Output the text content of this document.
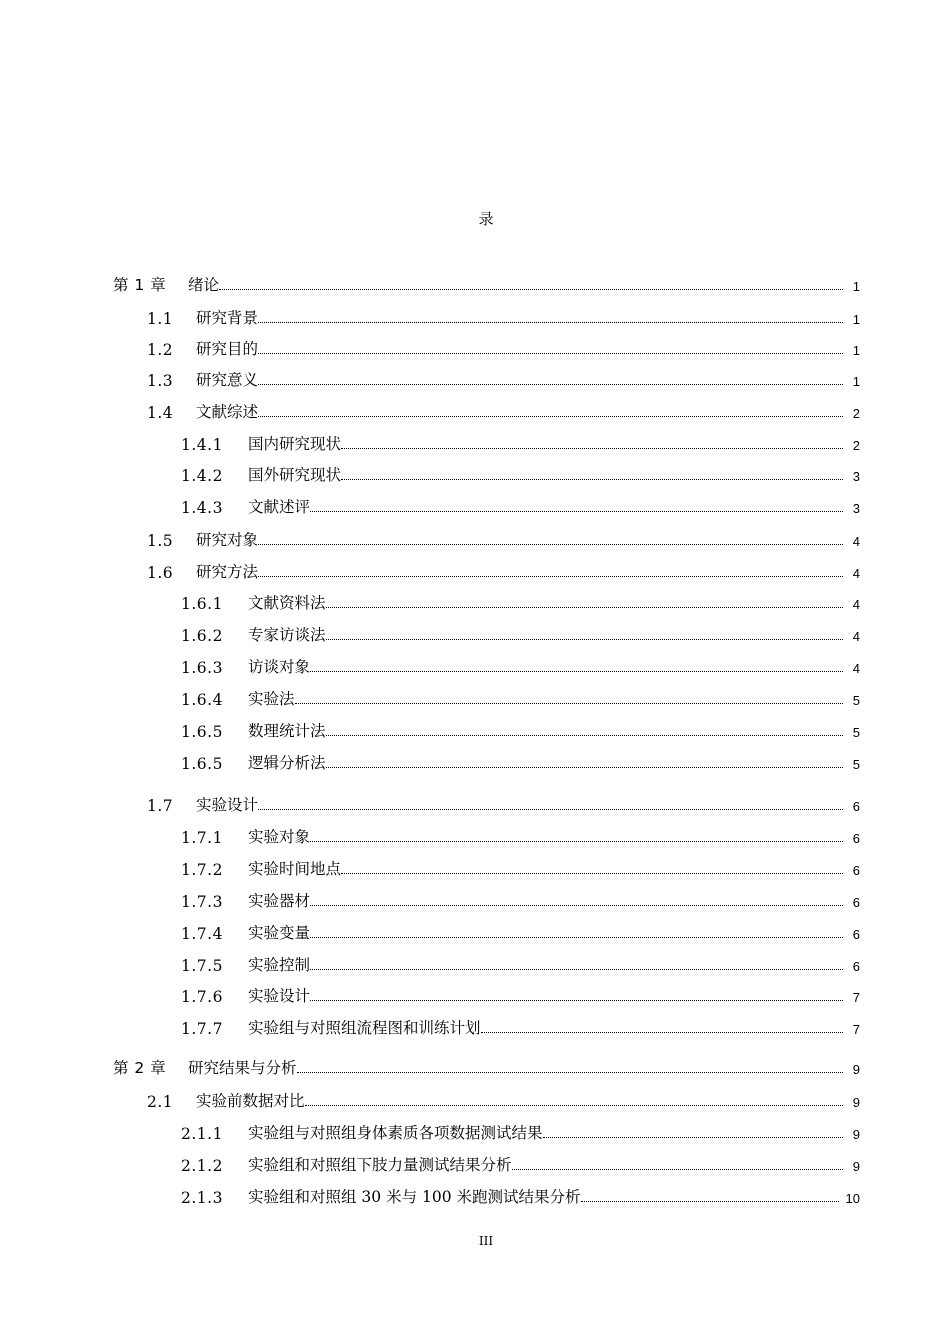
录
第 1 章	绪论	1
1.1	研究背景	1
1.2	研究目的	1
1.3	研究意义	1
1.4	文献综述	2
1.4.1	国内研究现状	2
1.4.2	国外研究现状	3
1.4.3	文献述评	3
1.5	研究对象	4
1.6	研究方法	4
1.6.1	文献资料法	4
1.6.2	专家访谈法	4
1.6.3	访谈对象	4
1.6.4	实验法	5
1.6.5	数理统计法	5
1.6.5	逻辑分析法	5
1.7	实验设计	6
1.7.1	实验对象	6
1.7.2	实验时间地点	6
1.7.3	实验器材	6
1.7.4	实验变量	6
1.7.5	实验控制	6
1.7.6	实验设计	7
1.7.7	实验组与对照组流程图和训练计划	7
第 2 章	研究结果与分析	9
2.1	实验前数据对比	9
2.1.1	实验组与对照组身体素质各项数据测试结果	9
2.1.2	实验组和对照组下肢力量测试结果分析	9
2.1.3	实验组和对照组 30 米与 100 米跑测试结果分析	10
III
